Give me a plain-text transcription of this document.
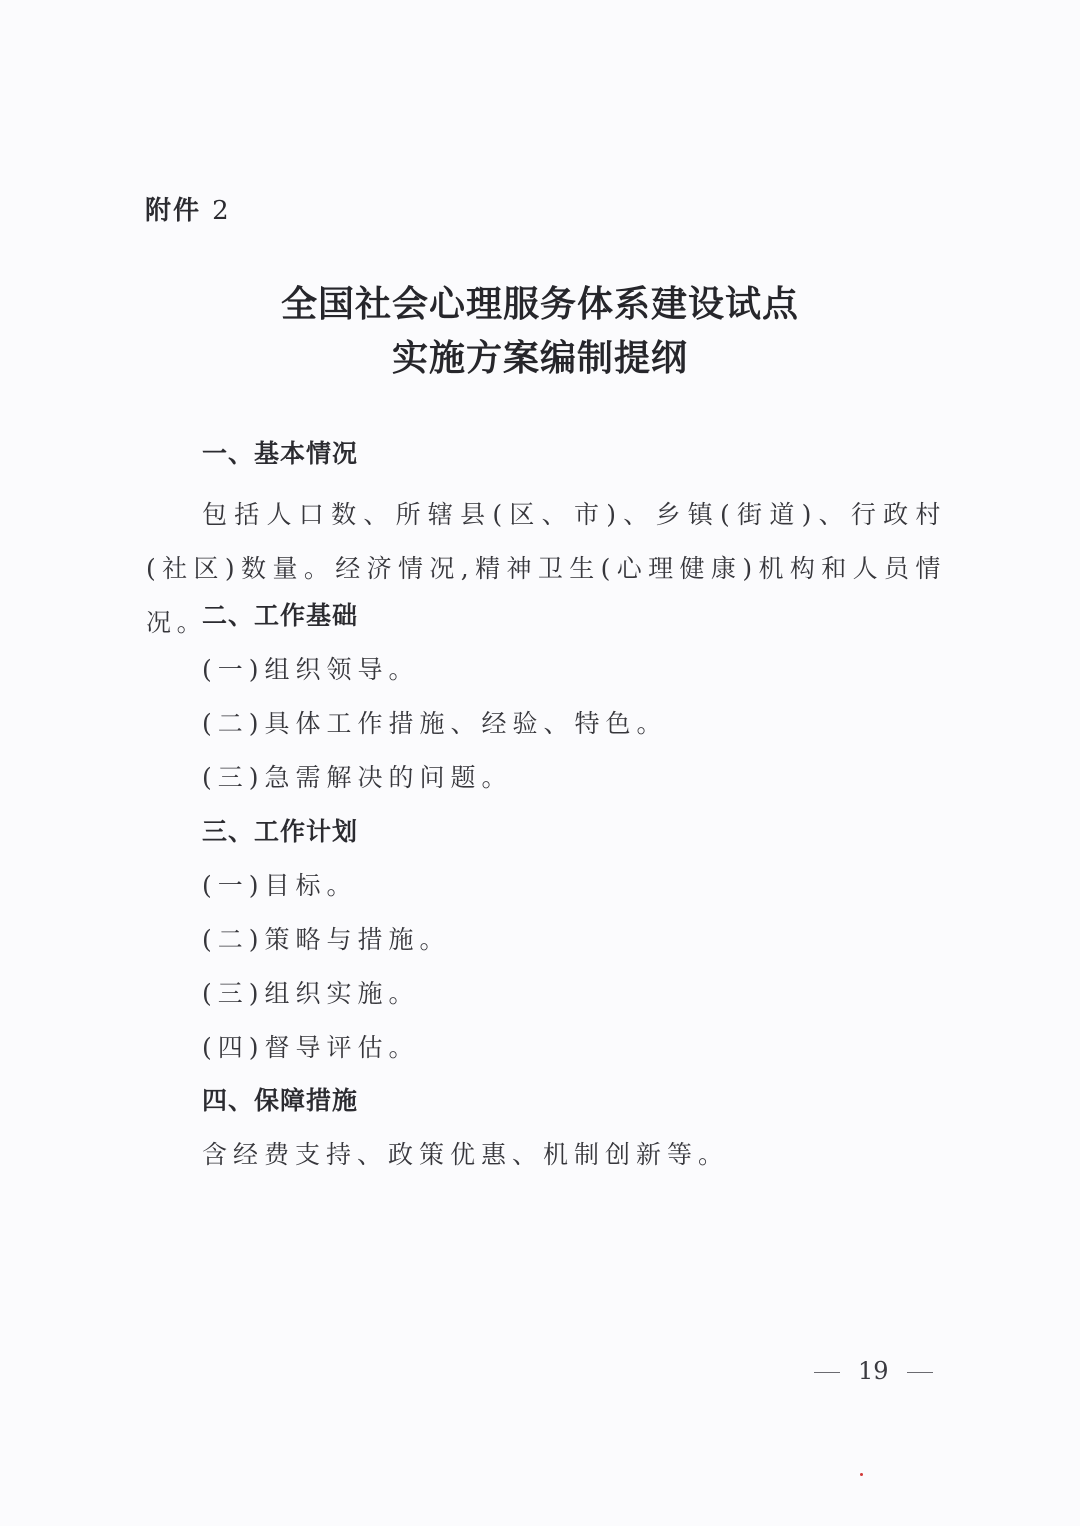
附件 2
全国社会心理服务体系建设试点
实施方案编制提纲
一、基本情况

包括人口数、所辖县(区、市)、乡镇(街道)、行政村(社区)数量。经济情况,精神卫生(心理健康)机构和人员情况。

二、工作基础
(一)组织领导。
(二)具体工作措施、经验、特色。
(三)急需解决的问题。
三、工作计划
(一)目标。
(二)策略与措施。
(三)组织实施。
(四)督导评估。
四、保障措施
含经费支持、政策优惠、机制创新等。
19
